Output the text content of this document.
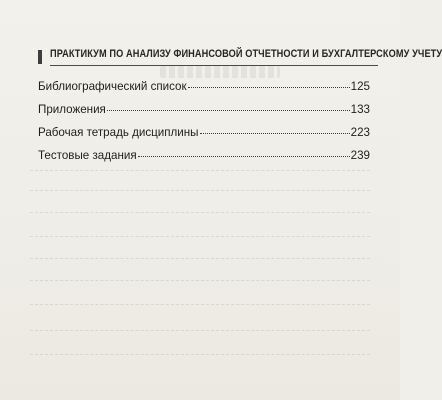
ПРАКТИКУМ ПО АНАЛИЗУ ФИНАНСОВОЙ ОТЧЕТНОСТИ И БУХГАЛТЕРСКОМУ УЧЕТУ
Библиографический список	125
Приложения	133
Рабочая тетрадь дисциплины	223
Тестовые задания	239
